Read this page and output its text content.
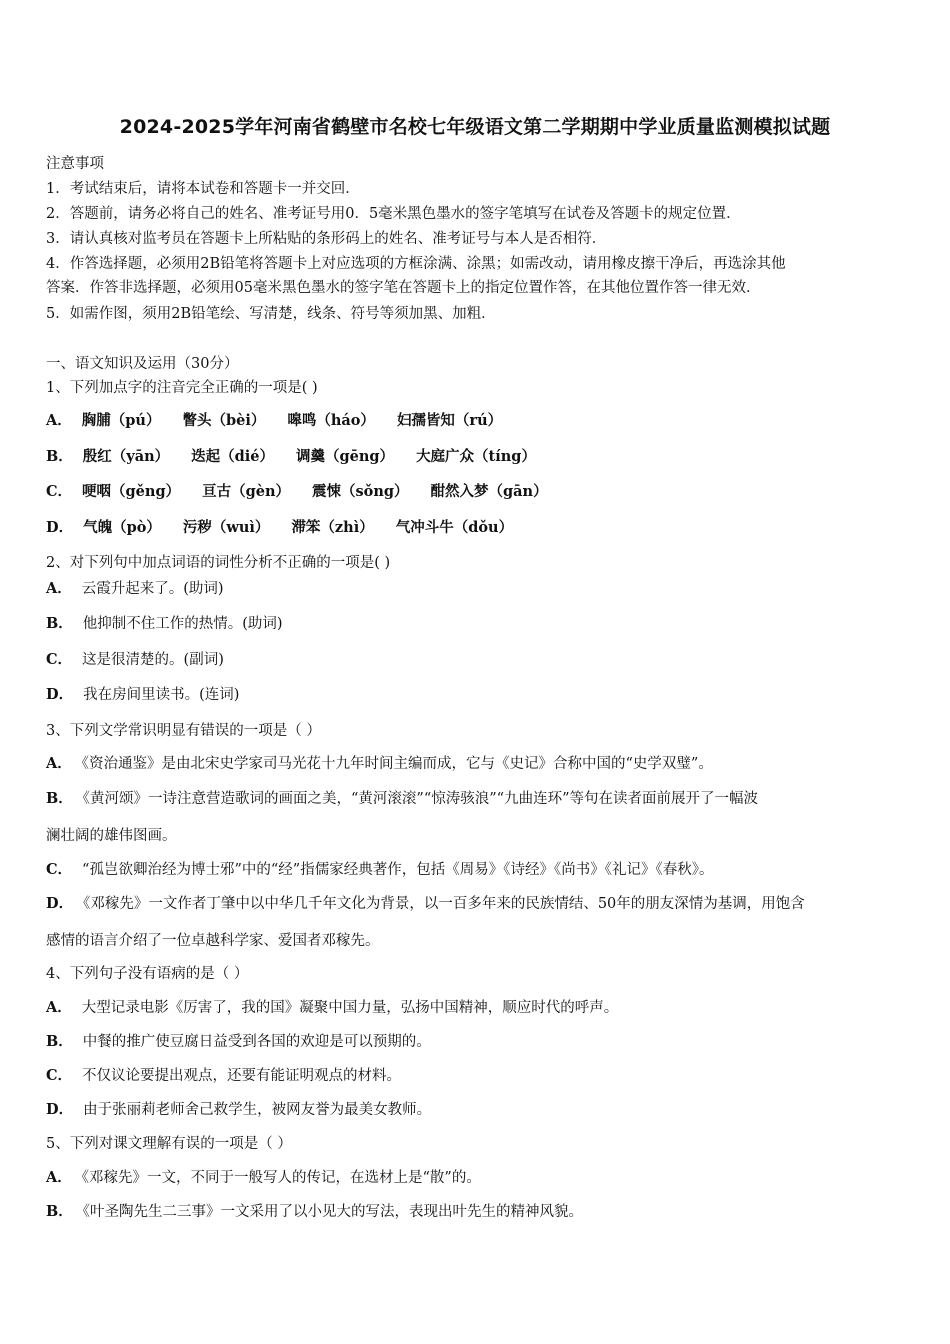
2024-2025学年河南省鹤壁市名校七年级语文第二学期期中学业质量监测模拟试题
注意事项
1．考试结束后，请将本试卷和答题卡一并交回．
2．答题前，请务必将自己的姓名、准考证号用0．5毫米黑色墨水的签字笔填写在试卷及答题卡的规定位置．
3．请认真核对监考员在答题卡上所粘贴的条形码上的姓名、准考证号与本人是否相符．
4．作答选择题，必须用2B铅笔将答题卡上对应选项的方框涂满、涂黑；如需改动，请用橡皮擦干净后，再选涂其他
答案．作答非选择题，必须用05毫米黑色墨水的签字笔在答题卡上的指定位置作答，在其他位置作答一律无效．
5．如需作图，须用2B铅笔绘、写清楚，线条、符号等须加黑、加粗．
一、语文知识及运用（30分）
1、下列加点字的注音完全正确的一项是( )
A． 胸脯（pú） 瞥头（bèi） 嗥鸣（háo） 妇孺皆知（rú）
B． 殷红（yān） 迭起（dié） 调羹（gēng） 大庭广众（tíng）
C． 哽咽（gěng） 亘古（gèn） 震悚（sǒng） 酣然入梦（gān）
D． 气魄（pò） 污秽（wuì） 滞笨（zhì） 气冲斗牛（dǒu）
2、对下列句中加点词语的词性分析不正确的一项是( )
A． 云霞升起来了。(助词)
B． 他抑制不住工作的热情。(助词)
C． 这是很清楚的。(副词)
D． 我在房间里读书。(连词)
3、下列文学常识明显有错误的一项是（ ）
A． 《资治通鉴》是由北宋史学家司马光花十九年时间主编而成，它与《史记》合称中国的“史学双璧”。
B． 《黄河颂》一诗注意营造歌词的画面之美，“黄河滚滚”“惊涛骇浪”“九曲连环”等句在读者面前展开了一幅波
澜壮阔的雄伟图画。
C． “孤岂欲卿治经为博士邪”中的“经”指儒家经典著作，包括《周易》《诗经》《尚书》《礼记》《春秋》。
D． 《邓稼先》一文作者丁肇中以中华几千年文化为背景，以一百多年来的民族情结、50年的朋友深情为基调，用饱含
感情的语言介绍了一位卓越科学家、爱国者邓稼先。
4、下列句子没有语病的是（ ）
A． 大型记录电影《厉害了，我的国》凝聚中国力量，弘扬中国精神，顺应时代的呼声。
B． 中餐的推广使豆腐日益受到各国的欢迎是可以预期的。
C． 不仅议论要提出观点，还要有能证明观点的材料。
D． 由于张丽莉老师舍己救学生，被网友誉为最美女教师。
5、下列对课文理解有误的一项是（ ）
A． 《邓稼先》一文，不同于一般写人的传记，在选材上是“散”的。
B． 《叶圣陶先生二三事》一文采用了以小见大的写法，表现出叶先生的精神风貌。
